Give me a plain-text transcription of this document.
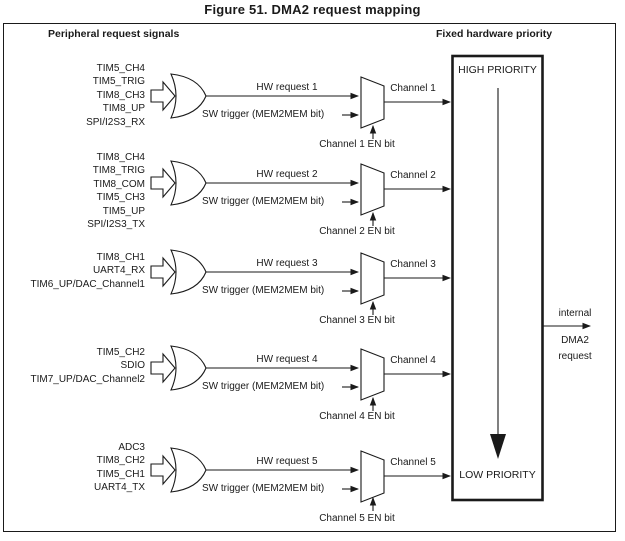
Figure 51. DMA2 request mapping
Peripheral request signals	Fixed hardware priority
TIM5_CH4
TIM5_TRIG
TIM8_CH3
TIM8_UP
SPI/I2S3_RX
HW request 1
SW trigger (MEM2MEM bit)
Channel 1
Channel 1 EN bit
TIM8_CH4
TIM8_TRIG
TIM8_COM
TIM5_CH3
TIM5_UP
SPI/I2S3_TX
HW request 2
SW trigger (MEM2MEM bit)
Channel 2
Channel 2 EN bit
TIM8_CH1
UART4_RX
TIM6_UP/DAC_Channel1
HW request 3
SW trigger (MEM2MEM bit)
Channel 3
Channel 3 EN bit
TIM5_CH2
SDIO
TIM7_UP/DAC_Channel2
HW request 4
SW trigger (MEM2MEM bit)
Channel 4
Channel 4 EN bit
ADC3
TIM8_CH2
TIM5_CH1
UART4_TX
HW request 5
SW trigger (MEM2MEM bit)
Channel 5
Channel 5 EN bit
HIGH PRIORITY
LOW PRIORITY
internal
DMA2
request
